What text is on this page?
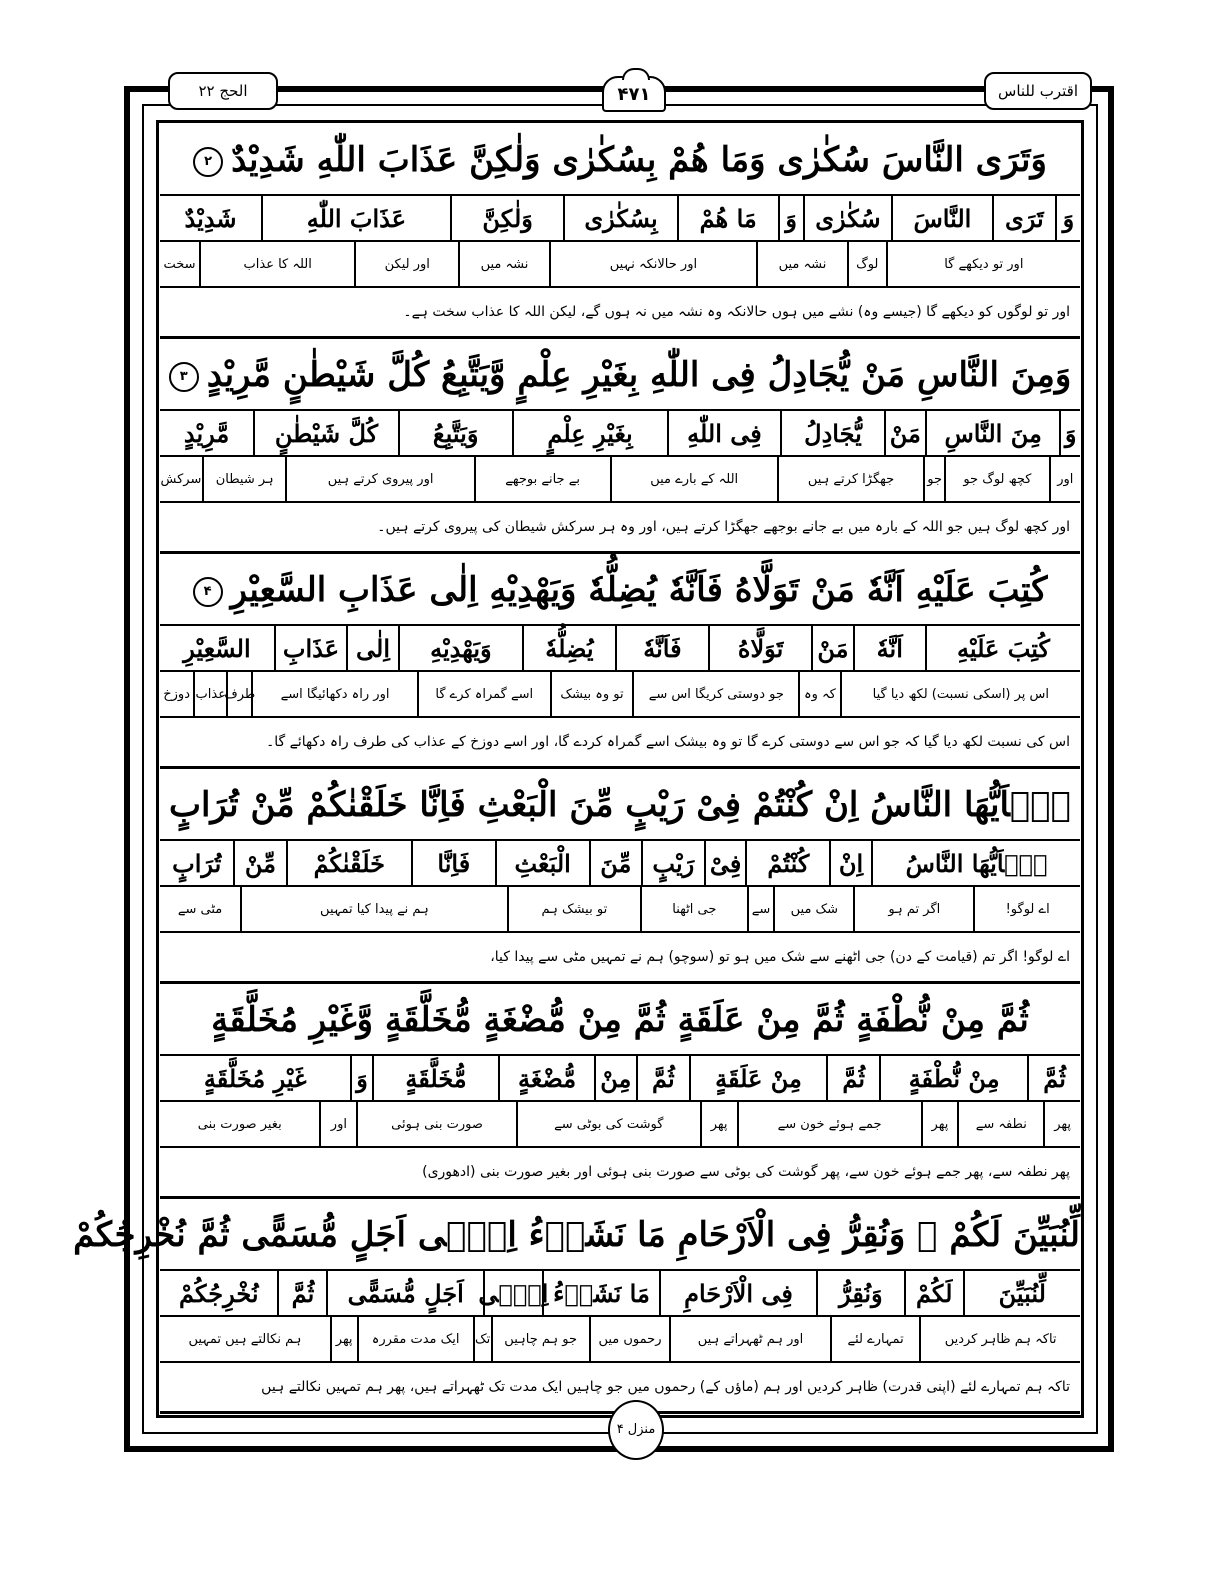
الحج ۲۲	اقترب للناس
۴۷۱
وَتَرَى النَّاسَ سُكٰرٰى وَمَا هُمْ بِسُكٰرٰى وَلٰكِنَّ عَذَابَ اللّٰهِ شَدِيْدٌ۲
وَ
تَرَى
النَّاسَ
سُكٰرٰى
وَ
مَا هُمْ
بِسُكٰرٰى
وَلٰكِنَّ
عَذَابَ اللّٰهِ
شَدِيْدٌ
اور تو دیکھے گا
لوگ
نشہ میں
اور حالانکہ نہیں
نشہ میں
اور لیکن
اللہ کا عذاب
سخت
اور تو لوگوں کو دیکھے گا (جیسے وہ) نشے میں ہوں حالانکہ وہ نشہ میں نہ ہوں گے، لیکن اللہ کا عذاب سخت ہے۔
وَمِنَ النَّاسِ مَنْ يُّجَادِلُ فِى اللّٰهِ بِغَيْرِ عِلْمٍ وَّيَتَّبِعُ كُلَّ شَيْطٰنٍ مَّرِيْدٍ۳
وَ
مِنَ النَّاسِ
مَنْ
يُّجَادِلُ
فِى اللّٰهِ
بِغَيْرِ عِلْمٍ
وَيَتَّبِعُ
كُلَّ شَيْطٰنٍ
مَّرِيْدٍ
اور
کچھ لوگ جو
جو
جھگڑا کرتے ہیں
اللہ کے بارے میں
بے جانے بوجھے
اور پیروی کرتے ہیں
ہر شیطان
سرکش
اور کچھ لوگ ہیں جو اللہ کے بارہ میں بے جانے بوجھے جھگڑا کرتے ہیں، اور وہ ہر سرکش شیطان کی پیروی کرتے ہیں۔
كُتِبَ عَلَيْهِ اَنَّهٗ مَنْ تَوَلَّاهُ فَاَنَّهٗ يُضِلُّهٗ وَيَهْدِيْهِ اِلٰى عَذَابِ السَّعِيْرِ۴
كُتِبَ عَلَيْهِ
اَنَّهٗ
مَنْ
تَوَلَّاهُ
فَاَنَّهٗ
يُضِلُّهٗ
وَيَهْدِيْهِ
اِلٰى
عَذَابِ
السَّعِيْرِ
اس پر (اسکی نسبت) لکھ دیا گیا
کہ وہ
جو دوستی کریگا اس سے
تو وہ بیشک
اسے گمراہ کرے گا
اور راہ دکھائیگا اسے
طرف
عذاب
دوزخ
اس کی نسبت لکھ دیا گیا کہ جو اس سے دوستی کرے گا تو وہ بیشک اسے گمراہ کردے گا، اور اسے دوزخ کے عذاب کی طرف راہ دکھائے گا۔
يٰۤاَيُّهَا النَّاسُ اِنْ كُنْتُمْ فِىْ رَيْبٍ مِّنَ الْبَعْثِ فَاِنَّا خَلَقْنٰكُمْ مِّنْ تُرَابٍ
يٰۤاَيُّهَا النَّاسُ
اِنْ
كُنْتُمْ
فِىْ
رَيْبٍ
مِّنَ
الْبَعْثِ
فَاِنَّا
خَلَقْنٰكُمْ
مِّنْ
تُرَابٍ
اے لوگو!
اگر تم ہو
شک میں
سے
جی اٹھنا
تو بیشک ہم
ہم نے پیدا کیا تمہیں
مٹی سے
اے لوگو! اگر تم (قیامت کے دن) جی اٹھنے سے شک میں ہو تو (سوچو) ہم نے تمہیں مٹی سے پیدا کیا،
ثُمَّ مِنْ نُّطْفَةٍ ثُمَّ مِنْ عَلَقَةٍ ثُمَّ مِنْ مُّضْغَةٍ مُّخَلَّقَةٍ وَّغَيْرِ مُخَلَّقَةٍ
ثُمَّ
مِنْ نُّطْفَةٍ
ثُمَّ
مِنْ عَلَقَةٍ
ثُمَّ
مِنْ
مُّضْغَةٍ
مُّخَلَّقَةٍ
وَ
غَيْرِ مُخَلَّقَةٍ
پھر
نطفہ سے
پھر
جمے ہوئے خون سے
پھر
گوشت کی بوٹی سے
صورت بنی ہوئی
اور
بغیر صورت بنی
پھر نطفہ سے، پھر جمے ہوئے خون سے، پھر گوشت کی بوٹی سے صورت بنی ہوئی اور بغیر صورت بنی (ادھوری)
لِّنُبَيِّنَ لَكُمْ ۭ وَنُقِرُّ فِى الْاَرْحَامِ مَا نَشَاۤءُ اِلٰۤى اَجَلٍ مُّسَمًّى ثُمَّ نُخْرِجُكُمْ
لِّنُبَيِّنَ
لَكُمْ
وَنُقِرُّ
فِى الْاَرْحَامِ
مَا نَشَاۤءُ
اِلٰۤى
اَجَلٍ مُّسَمًّى
ثُمَّ
نُخْرِجُكُمْ
تاکہ ہم ظاہر کردیں
تمہارے لئے
اور ہم ٹھہراتے ہیں
رحموں میں
جو ہم چاہیں
تک
ایک مدت مقررہ
پھر
ہم نکالتے ہیں تمہیں
تاکہ ہم تمہارے لئے (اپنی قدرت) ظاہر کردیں اور ہم (ماؤں کے) رحموں میں جو چاہیں ایک مدت تک ٹھہراتے ہیں، پھر ہم تمہیں نکالتے ہیں
منزل ۴
